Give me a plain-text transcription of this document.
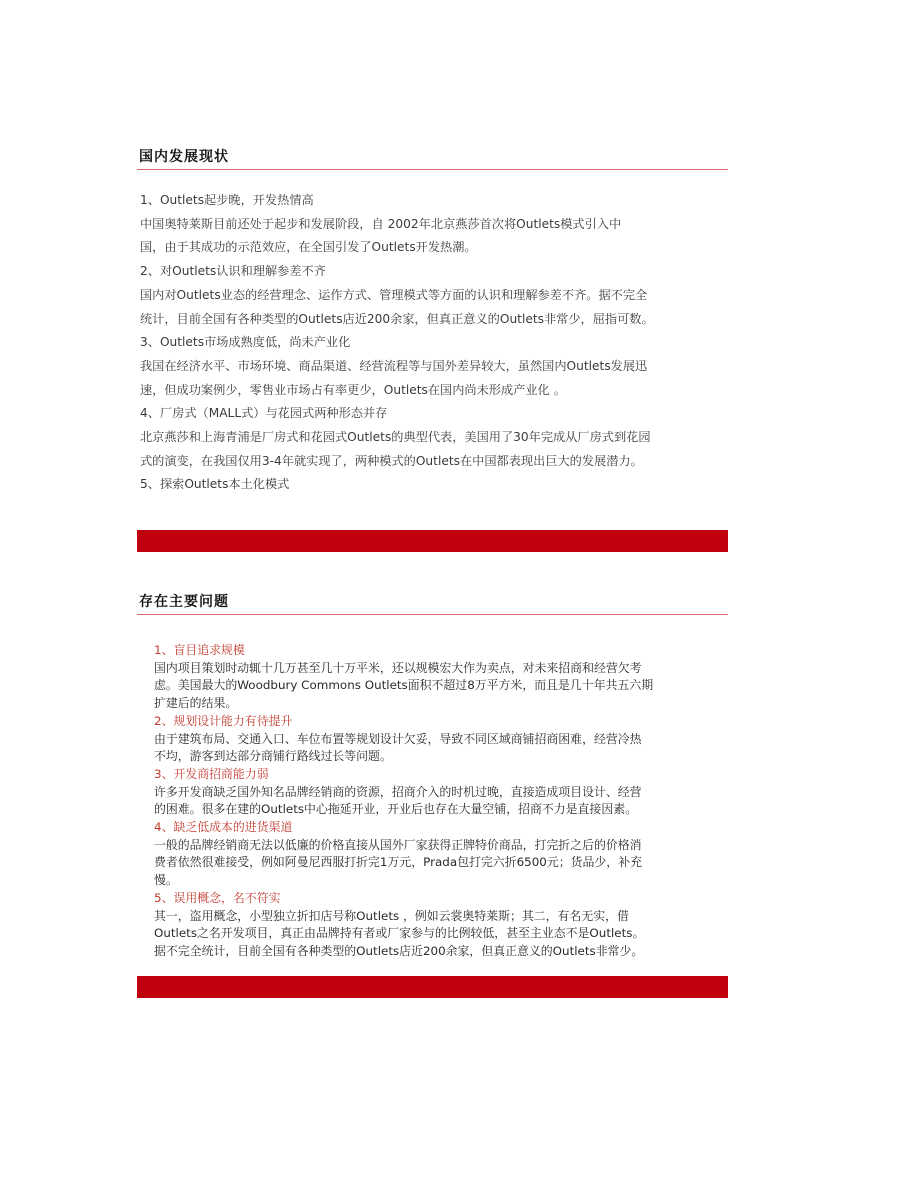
国内发展现状
1、Outlets起步晚，开发热情高
中国奥特莱斯目前还处于起步和发展阶段，自 2002年北京燕莎首次将Outlets模式引入中
国，由于其成功的示范效应，在全国引发了Outlets开发热潮。
2、对Outlets认识和理解参差不齐
国内对Outlets业态的经营理念、运作方式、管理模式等方面的认识和理解参差不齐。据不完全
统计，目前全国有各种类型的Outlets店近200余家，但真正意义的Outlets非常少，屈指可数。
3、Outlets市场成熟度低，尚未产业化
我国在经济水平、市场环境、商品渠道、经营流程等与国外差异较大，虽然国内Outlets发展迅
速，但成功案例少，零售业市场占有率更少，Outlets在国内尚未形成产业化 。
4、厂房式（MALL式）与花园式两种形态并存
北京燕莎和上海青浦是厂房式和花园式Outlets的典型代表，美国用了30年完成从厂房式到花园
式的演变，在我国仅用3-4年就实现了，两种模式的Outlets在中国都表现出巨大的发展潜力。
5、探索Outlets本土化模式
存在主要问题
1、盲目追求规模
国内项目策划时动辄十几万甚至几十万平米，还以规模宏大作为卖点，对未来招商和经营欠考
虑。美国最大的Woodbury Commons Outlets面积不超过8万平方米，而且是几十年共五六期
扩建后的结果。
2、规划设计能力有待提升
由于建筑布局、交通入口、车位布置等规划设计欠妥，导致不同区域商铺招商困难，经营冷热
不均，游客到达部分商铺行路线过长等问题。
3、开发商招商能力弱
许多开发商缺乏国外知名品牌经销商的资源，招商介入的时机过晚，直接造成项目设计、经营
的困难。很多在建的Outlets中心拖延开业，开业后也存在大量空铺，招商不力是直接因素。
4、缺乏低成本的进货渠道
一般的品牌经销商无法以低廉的价格直接从国外厂家获得正牌特价商品，打完折之后的价格消
费者依然很难接受，例如阿曼尼西服打折完1万元，Prada包打完六折6500元；货品少，补充
慢。
5、误用概念，名不符实
其一，盗用概念，小型独立折扣店号称Outlets ，例如云裳奥特莱斯；其二，有名无实，借
Outlets之名开发项目，真正由品牌持有者或厂家参与的比例较低，甚至主业态不是Outlets。
据不完全统计，目前全国有各种类型的Outlets店近200余家，但真正意义的Outlets非常少。
